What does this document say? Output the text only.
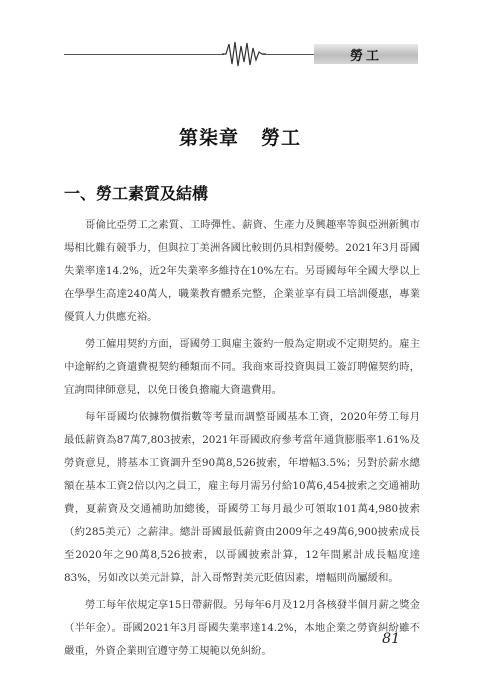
勞工
第柒章 勞工
一、勞工素質及結構

哥倫比亞勞工之素質、工時彈性、薪資、生產力及興趣率等與亞洲新興市場相比難有競爭力，但與拉丁美洲各國比較則仍具相對優勢。2021年3月哥國失業率達14.2%，近2年失業率多維持在10%左右。另哥國每年全國大學以上在學學生高達240萬人，職業教育體系完整，企業並享有員工培訓優惠，專業優質人力供應充裕。

勞工僱用契約方面，哥國勞工與雇主簽約一般為定期或不定期契約。雇主中途解約之資遣費視契約種類而不同。我商來哥投資與員工簽訂聘僱契約時，宜詢問律師意見，以免日後負擔龐大資遣費用。

每年哥國均依據物價指數等考量而調整哥國基本工資，2020年勞工每月最低薪資為87萬7,803披索，2021年哥國政府參考當年通貨膨脹率1.61%及勞資意見，將基本工資調升至90萬8,526披索，年增幅3.5%；另對於薪水總額在基本工資2倍以內之員工，雇主每月需另付給10萬6,454披索之交通補助費，夏薪資及交通補助加總後，哥國勞工每月最少可領取101萬4,980披索（約285美元）之薪津。總計哥國最低薪資由2009年之49萬6,900披索成長至2020年之90萬8,526披索，以哥國披索計算，12年間累計成長幅度達83%，另如改以美元計算，計入哥幣對美元貶值因素，增幅則尚屬緩和。

勞工每年依規定享15日帶薪假。另每年6月及12月各核發半個月薪之獎金（半年金）。哥國2021年3月哥國失業率達14.2%，本地企業之勞資糾紛雖不嚴重，外資企業則宜遵守勞工規範以免糾紛。

81
